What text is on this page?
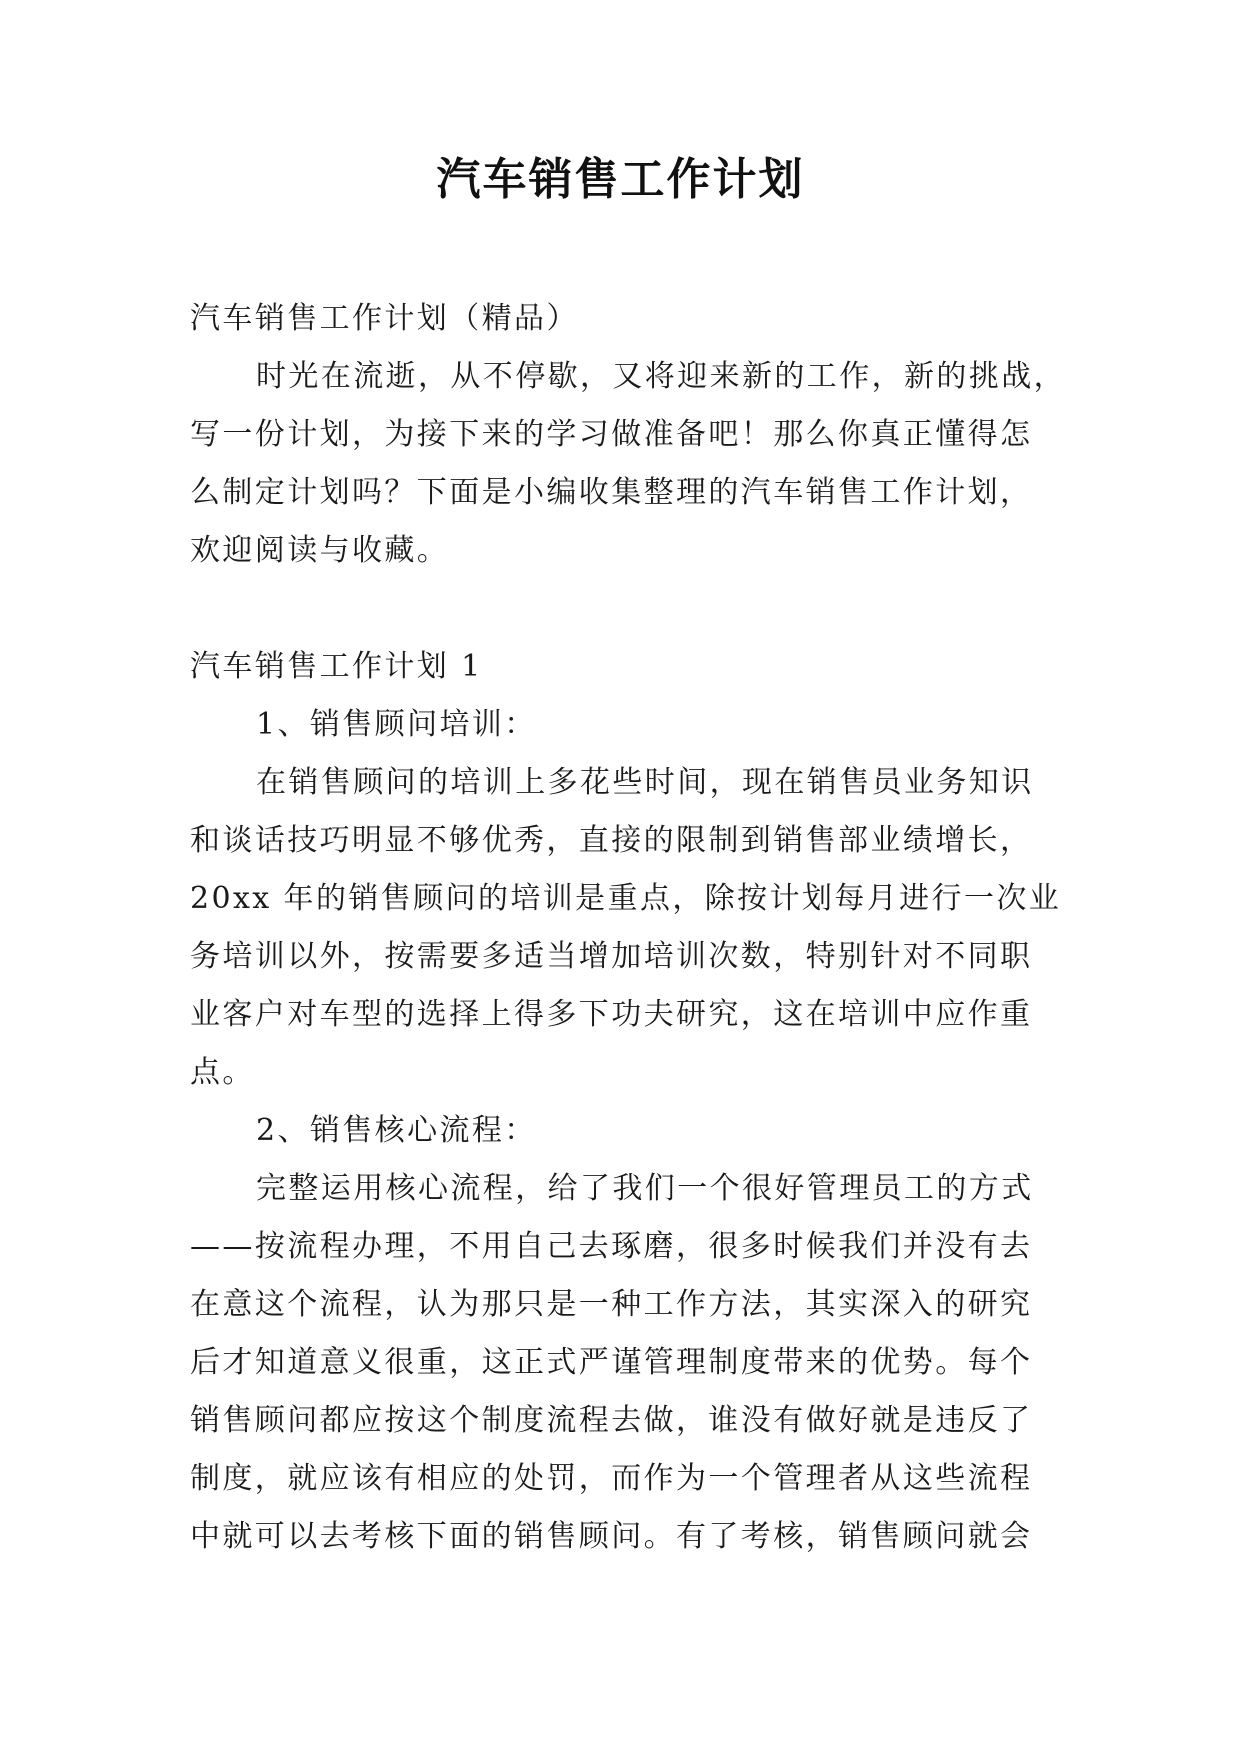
汽车销售工作计划
汽车销售工作计划（精品）
时光在流逝，从不停歇，又将迎来新的工作，新的挑战，
写一份计划，为接下来的学习做准备吧！那么你真正懂得怎
么制定计划吗？下面是小编收集整理的汽车销售工作计划，
欢迎阅读与收藏。
汽车销售工作计划 1
1、销售顾问培训：
在销售顾问的培训上多花些时间，现在销售员业务知识
和谈话技巧明显不够优秀，直接的限制到销售部业绩增长，
20xx 年的销售顾问的培训是重点，除按计划每月进行一次业
务培训以外，按需要多适当增加培训次数，特别针对不同职
业客户对车型的选择上得多下功夫研究，这在培训中应作重
点。
2、销售核心流程：
完整运用核心流程，给了我们一个很好管理员工的方式
——按流程办理，不用自己去琢磨，很多时候我们并没有去
在意这个流程，认为那只是一种工作方法，其实深入的研究
后才知道意义很重，这正式严谨管理制度带来的优势。每个
销售顾问都应按这个制度流程去做，谁没有做好就是违反了
制度，就应该有相应的处罚，而作为一个管理者从这些流程
中就可以去考核下面的销售顾问。有了考核，销售顾问就会
